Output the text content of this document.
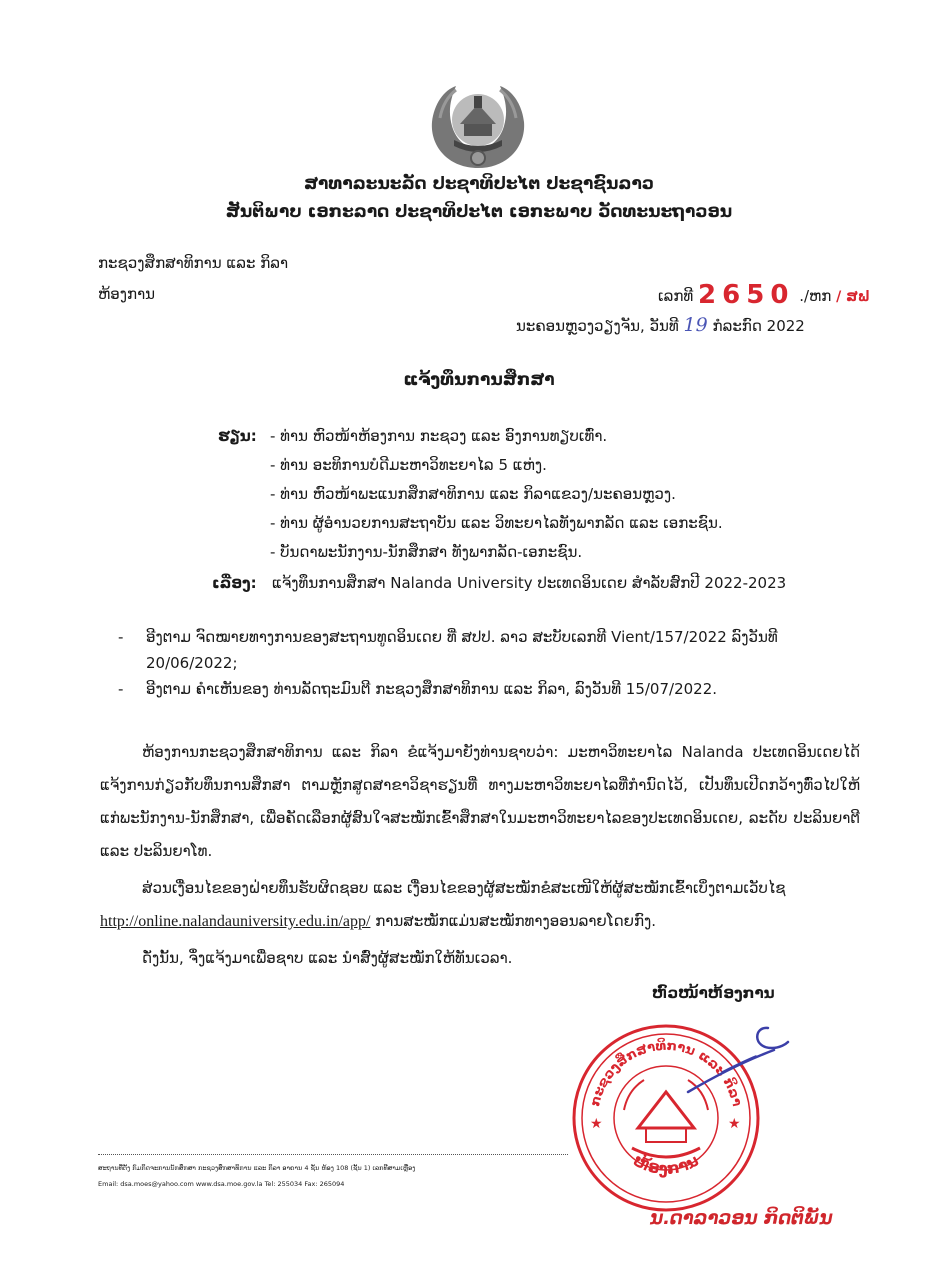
ສາທາລະນະລັດ ປະຊາທິປະໄຕ ປະຊາຊົນລາວ
ສັນຕິພາບ ເອກະລາດ ປະຊາທິປະໄຕ ເອກະພາບ ວັດທະນະຖາວອນ
ກະຊວງສຶກສາທິການ ແລະ ກິລາ
ຫ້ອງການ	ເລກທີ 2650 ./ຫກ / ສຟ
ນະຄອນຫຼວງວຽງຈັນ, ວັນທີ 19 ກໍລະກົດ 2022
ແຈ້ງທຶນການສຶກສາ
ຮຽນ: - ທ່ານ ຫົວໜ້າຫ້ອງການ ກະຊວງ ແລະ ອົງການທຽບເທົ່າ.
- ທ່ານ ອະທິການບໍດີມະຫາວິທະຍາໄລ 5 ແຫ່ງ.
- ທ່ານ ຫົວໜ້າພະແນກສຶກສາທິການ ແລະ ກິລາແຂວງ/ນະຄອນຫຼວງ.
- ທ່ານ ຜູ້ອຳນວຍການສະຖາບັນ ແລະ ວິທະຍາໄລທັງພາກລັດ ແລະ ເອກະຊົນ.
- ບັນດາພະນັກງານ-ນັກສຶກສາ ທັງພາກລັດ-ເອກະຊົນ.
ເລື່ອງ: ແຈ້ງທຶນການສຶກສາ Nalanda University ປະເທດອິນເດຍ ສຳລັບສົກປີ 2022-2023
-	ອີງຕາມ ຈົດໝາຍທາງການຂອງສະຖານທູດອິນເດຍ ທີ່ ສປປ. ລາວ ສະບັບເລກທີ Vient/157/2022 ລົງວັນທີ 20/06/2022;
-	ອີງຕາມ ຄຳເຫັນຂອງ ທ່ານລັດຖະມົນຕີ ກະຊວງສຶກສາທິການ ແລະ ກິລາ, ລົງວັນທີ 15/07/2022.
ຫ້ອງການກະຊວງສຶກສາທິການ ແລະ ກິລາ ຂໍແຈ້ງມາຍັງທ່ານຊາບວ່າ: ມະຫາວິທະຍາໄລ Nalanda ປະເທດອິນເດຍໄດ້ແຈ້ງການກ່ຽວກັບທຶນການສຶກສາ ຕາມຫຼັກສູດສາຂາວິຊາຮຽນທີ່ ທາງມະຫາວິທະຍາໄລທີ່ກຳນົດໄວ້, ເປັນທຶນເປີດກວ້າງທົ່ວໄປໃຫ້ແກ່ພະນັກງານ-ນັກສຶກສາ, ເພື່ອຄັດເລືອກຜູ້ສົນໃຈສະໝັກເຂົ້າສຶກສາໃນມະຫາວິທະຍາໄລຂອງປະເທດອິນເດຍ, ລະດັບ ປະລິນຍາຕີ ແລະ ປະລິນຍາໂທ.
ສ່ວນເງື່ອນໄຂຂອງຝ່າຍທຶນຮັບຜິດຊອບ ແລະ ເງື່ອນໄຂຂອງຜູ້ສະໝັກຂໍສະເໜີໃຫ້ຜູ້ສະໝັກເຂົ້າເບິ່ງຕາມເວັບໄຊ
http://online.nalandauniversity.edu.in/app/ ການສະໝັກແມ່ນສະໝັກທາງອອນລາຍໂດຍກົງ.
ດັ່ງນັ້ນ, ຈຶ່ງແຈ້ງມາເພື່ອຊາບ ແລະ ນຳສົ່ງຜູ້ສະໝັກໃຫ້ທັນເວລາ.
ຫົວໜ້າຫ້ອງການ
ກະຊວງສຶກສາທິການ ແລະ ກິລາ
ຫ້ອງການ
★	★
ນ.ດາລາວອນ ກິດຕິພັນ
ສະຖານທີ່ຕັ້ງ ກົມກິດຈະການນັກສຶກສາ ກະຊວງສຶກສາທິການ ແລະ ກິລາ ອາຄານ 4 ຊັ້ນ ຫ້ອງ 108 (ຊັ້ນ 1) ເລກທີສາມເຫຼື່ອງ
Email: dsa.moes@yahoo.com www.dsa.moe.gov.la Tel: 255034 Fax: 265094
